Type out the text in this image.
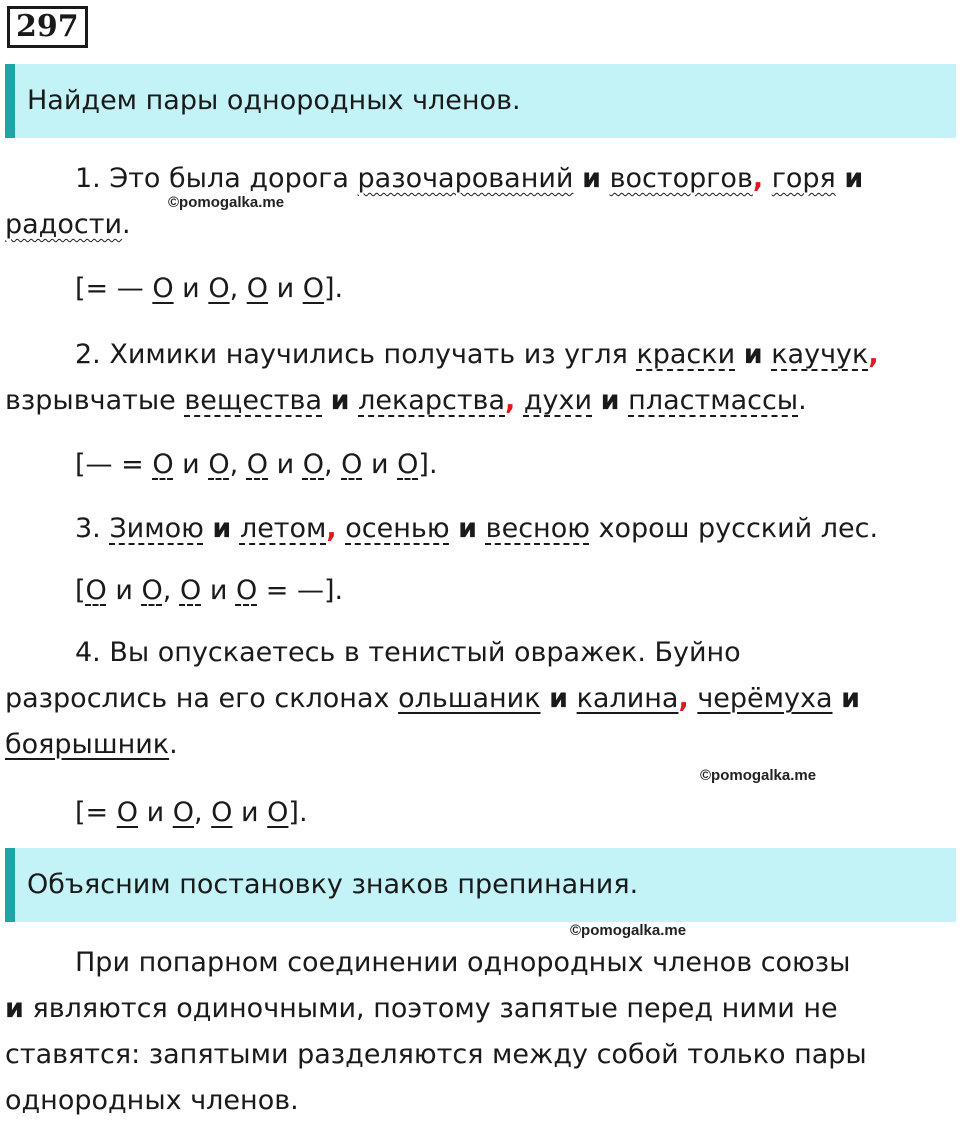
297
Найдем пары однородных членов.
1. Это была дорога разочарований и восторгов, горя и
радости.
©pomogalka.me
[= — О и О, О и О].
2. Химики научились получать из угля краски и каучук,
взрывчатые вещества и лекарства, духи и пластмассы.
[— = О и О, О и О, О и О].
3. Зимою и летом, осенью и весною хорош русский лес.
[О и О, О и О = —].
4. Вы опускаетесь в тенистый овражек. Буйно
разрослись на его склонах ольшаник и калина, черёмуха и
боярышник.
©pomogalka.me
[= О и О, О и О].
Объясним постановку знаков препинания.
©pomogalka.me
При попарном соединении однородных членов союзы
и являются одиночными, поэтому запятые перед ними не
ставятся: запятыми разделяются между собой только пары
однородных членов.
